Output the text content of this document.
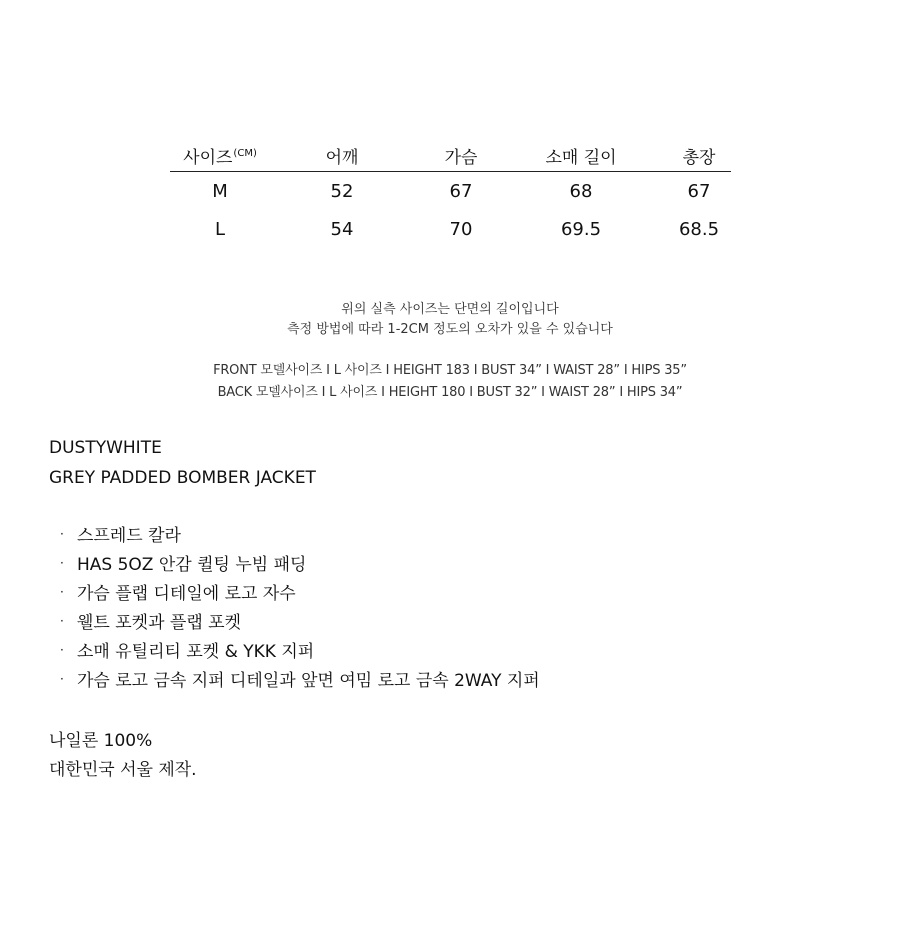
사이즈$^{(CM)}$	어깨	가슴	소매 길이	총장
M	52	67	68	67
L	54	70	69.5	68.5
위의 실측 사이즈는 단면의 길이입니다
측정 방법에 따라 1-2CM 정도의 오차가 있을 수 있습니다
FRONT 모델사이즈 I L 사이즈 I HEIGHT 183 I BUST 34” I WAIST 28” I HIPS 35”
BACK 모델사이즈 I L 사이즈 I HEIGHT 180 I BUST 32” I WAIST 28” I HIPS 34”
DUSTYWHITE
GREY PADDED BOMBER JACKET
· 스프레드 칼라
· HAS 5OZ 안감 퀼팅 누빔 패딩
· 가슴 플랩 디테일에 로고 자수
· 웰트 포켓과 플랩 포켓
· 소매 유틸리티 포켓 & YKK 지퍼
· 가슴 로고 금속 지퍼 디테일과 앞면 여밈 로고 금속 2WAY 지퍼
나일론 100%
대한민국 서울 제작.
